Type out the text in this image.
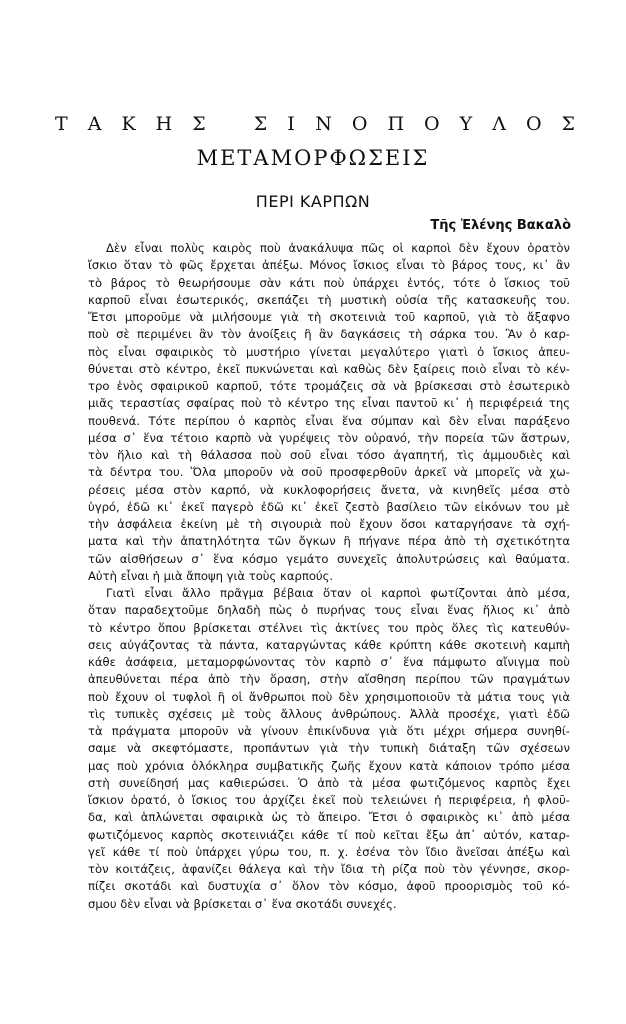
Τ Α Κ Η Σ	Σ Ι Ν Ο Π Ο Υ Λ Ο Σ
ΜΕΤΑΜΟΡΦΩΣΕΙΣ
ΠΕΡΙ ΚΑΡΠΩΝ
Τῆς Ἑλένης Βακαλὸ
Δὲν εἶναι πολὺς καιρὸς ποὺ ἀνακάλυψα πῶς οἱ καρποὶ δὲν ἔχουν ὁρατὸν
ἴσκιο ὅταν τὸ φῶς ἔρχεται ἀπέξω. Μόνος ἴσκιος εἶναι τὸ βάρος τους, κι᾿ ἂν
τὸ βάρος τὸ θεωρήσουμε σὰν κάτι ποὺ ὑπάρχει ἐντός, τότε ὁ ἴσκιος τοῦ
καρποῦ εἶναι ἐσωτερικός, σκεπάζει τὴ μυστικὴ οὐσία τῆς κατασκευῆς του.
Ἔτσι μποροῦμε νὰ μιλήσουμε γιὰ τὴ σκοτεινιὰ τοῦ καρποῦ, γιὰ τὸ ἄξαφνο
ποὺ σὲ περιμένει ἂν τὸν ἀνοίξεις ἢ ἂν δαγκάσεις τὴ σάρκα του. Ἂν ὁ καρ-
πὸς εἶναι σφαιρικὸς τὸ μυστήριο γίνεται μεγαλύτερο γιατὶ ὁ ἴσκιος ἀπευ-
θύνεται στὸ κέντρο, ἐκεῖ πυκνώνεται καὶ καθὼς δὲν ξαίρεις ποιὸ εἶναι τὸ κέν-
τρο ἑνὸς σφαιρικοῦ καρποῦ, τότε τρομάζεις σὰ νὰ βρίσκεσαι στὸ ἐσωτερικὸ
μιᾶς τεραστίας σφαίρας ποὺ τὸ κέντρο της εἶναι παντοῦ κι᾿ ἡ περιφέρειά της
πουθενά. Τότε περίπου ὁ καρπὸς εἶναι ἕνα σύμπαν καὶ δὲν εἶναι παράξενο
μέσα σ᾿ ἕνα τέτοιο καρπὸ νὰ γυρέψεις τὸν οὐρανό, τὴν πορεία τῶν ἄστρων,
τὸν ἥλιο καὶ τὴ θάλασσα ποὺ σοῦ εἶναι τόσο ἀγαπητή, τὶς ἀμμουδιὲς καὶ
τὰ δέντρα του. Ὅλα μποροῦν νὰ σοῦ προσφερθοῦν ἀρκεῖ νὰ μπορεῖς νὰ χω-
ρέσεις μέσα στὸν καρπό, νὰ κυκλοφορήσεις ἄνετα, νὰ κινηθεῖς μέσα στὸ
ὑγρό, ἐδῶ κι᾿ ἐκεῖ παγερὸ ἐδῶ κι᾿ ἐκεῖ ζεστὸ βασίλειο τῶν εἰκόνων του μὲ
τὴν ἀσφάλεια ἐκείνη μὲ τὴ σιγουριὰ ποὺ ἔχουν ὅσοι καταργήσανε τὰ σχή-
ματα καὶ τὴν ἀπατηλότητα τῶν ὄγκων ἢ πήγανε πέρα ἀπὸ τὴ σχετικότητα
τῶν αἰσθήσεων σ᾿ ἕνα κόσμο γεμάτο συνεχεῖς ἀπολυτρώσεις καὶ θαύματα.
Αὐτὴ εἶναι ἡ μιὰ ἄποψη γιὰ τοὺς καρπούς.
Γιατὶ εἶναι ἄλλο πρᾶγμα βέβαια ὅταν οἱ καρποὶ φωτίζονται ἀπὸ μέσα,
ὅταν παραδεχτοῦμε δηλαδὴ πὼς ὁ πυρήνας τους εἶναι ἕνας ἥλιος κι᾿ ἀπὸ
τὸ κέντρο ὅπου βρίσκεται στέλνει τὶς ἀκτίνες του πρὸς ὅλες τὶς κατευθύν-
σεις αὐγάζοντας τὰ πάντα, καταργώντας κάθε κρύπτη κάθε σκοτεινὴ καμπὴ
κάθε ἀσάφεια, μεταμορφώνοντας τὸν καρπὸ σ᾿ ἕνα πάμφωτο αἴνιγμα ποὺ
ἀπευθύνεται πέρα ἀπὸ τὴν ὅραση, στὴν αἴσθηση περίπου τῶν πραγμάτων
ποὺ ἔχουν οἱ τυφλοὶ ἢ οἱ ἄνθρωποι ποὺ δὲν χρησιμοποιοῦν τὰ μάτια τους γιὰ
τὶς τυπικὲς σχέσεις μὲ τοὺς ἄλλους ἀνθρώπους. Ἀλλὰ προσέχε, γιατὶ ἐδῶ
τὰ πράγματα μποροῦν νὰ γίνουν ἐπικίνδυνα γιὰ ὅτι μέχρι σήμερα συνηθί-
σαμε νὰ σκεφτόμαστε, προπάντων γιὰ τὴν τυπικὴ διάταξη τῶν σχέσεων
μας ποὺ χρόνια ὁλόκληρα συμβατικῆς ζωῆς ἔχουν κατὰ κάποιον τρόπο μέσα
στὴ συνείδησή μας καθιερώσει. Ὁ ἀπὸ τὰ μέσα φωτιζόμενος καρπὸς ἔχει
ἴσκιον ὁρατό, ὁ ἴσκιος του ἀρχίζει ἐκεῖ ποὺ τελειώνει ἡ περιφέρεια, ἡ φλοῦ-
δα, καὶ ἁπλώνεται σφαιρικὰ ὡς τὸ ἄπειρο. Ἔτσι ὁ σφαιρικὸς κι᾿ ἀπὸ μέσα
φωτιζόμενος καρπὸς σκοτεινιάζει κάθε τί ποὺ κεῖται ἔξω ἀπ᾿ αὐτόν, καταρ-
γεῖ κάθε τί ποὺ ὑπάρχει γύρω του, π. χ. ἐσένα τὸν ἴδιο ἂνεῖσαι ἀπέξω καὶ
τὸν κοιτάζεις, ἀφανίζει θάλεγα καὶ τὴν ἴδια τὴ ρίζα ποὺ τὸν γέννησε, σκορ-
πίζει σκοτάδι καὶ δυστυχία σ᾿ ὅλον τὸν κόσμο, ἀφοῦ προορισμὸς τοῦ κό-
σμου δὲν εἶναι νὰ βρίσκεται σ᾿ ἕνα σκοτάδι συνεχές.
